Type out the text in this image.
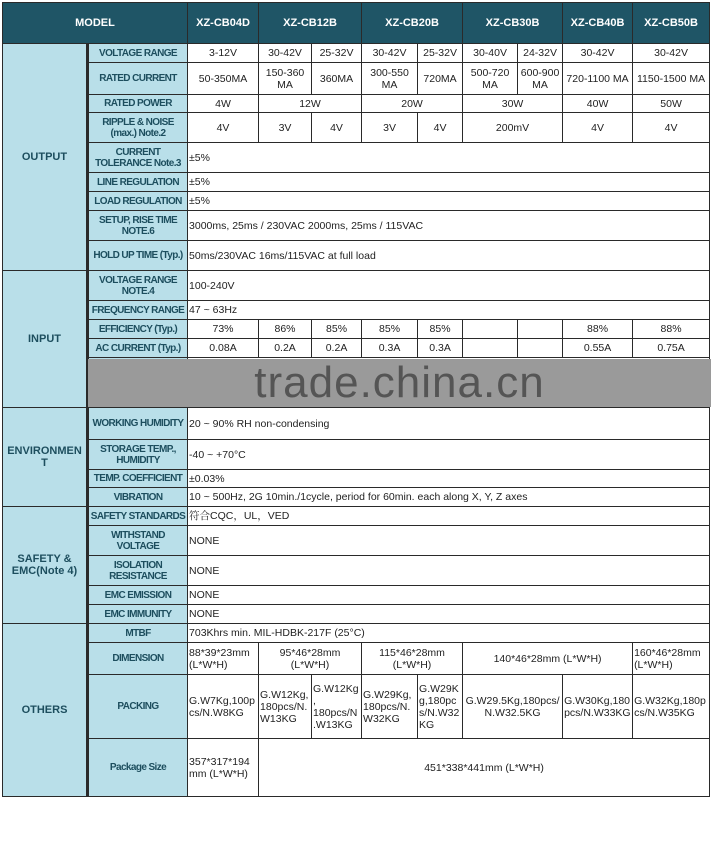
MODEL		XZ-CB04D	XZ-CB12B		XZ-CB20B		XZ-CB30B		XZ-CB40B	XZ-CB50B
OUTPUT	VOLTAGE RANGE	3-12V	30-42V	25-32V	30-42V	25-32V	30-40V	24-32V	30-42V	30-42V
	RATED CURRENT	50-350MA	150-360 MA	360MA	300-550 MA	720MA	500-720 MA	600-900 MA	720-1100 MA	1150-1500 MA
	RATED POWER	4W	12W		20W		30W		40W	50W
	RIPPLE & NOISE (max.) Note.2	4V	3V	4V	3V	4V	200mV		4V	4V
	CURRENT TOLERANCE Note.3	±5%								
	LINE REGULATION	±5%								
	LOAD REGULATION	±5%								
	SETUP, RISE TIME NOTE.6	3000ms, 25ms / 230VAC 2000ms, 25ms / 115VAC								
	HOLD UP TIME (Typ.)	50ms/230VAC 16ms/115VAC at full load								
INPUT	VOLTAGE RANGE NOTE.4	100-240V								
	FREQUENCY RANGE	47 ~ 63Hz								
	EFFICIENCY (Typ.)	73%	86%	85%	85%	85%			88%	88%
	AC CURRENT (Typ.)	0.08A	0.2A	0.2A	0.3A	0.3A			0.55A	0.75A

ENVIRONMENT	WORKING HUMIDITY	20 ~ 90% RH non-condensing								
	STORAGE TEMP., HUMIDITY	-40 ~ +70°C								
	TEMP. COEFFICIENT	±0.03%								
	VIBRATION	10 ~ 500Hz, 2G 10min./1cycle, period for 60min. each along X, Y, Z axes								
SAFETY & EMC(Note 4)	SAFETY STANDARDS	符合CQC，UL，VED								
	WITHSTAND VOLTAGE	NONE								
	ISOLATION RESISTANCE	NONE								
	EMC EMISSION	NONE								
	EMC IMMUNITY	NONE								
OTHERS	MTBF	703Khrs min. MIL-HDBK-217F (25°C)								
	DIMENSION	88*39*23mm (L*W*H)	95*46*28mm (L*W*H)		115*46*28mm (L*W*H)		140*46*28mm (L*W*H)			160*46*28mm (L*W*H)
	PACKING	G.W7Kg,100pcs/N.W8KG	G.W12Kg, 180pcs/N.W13KG	G.W12Kg, 180pcs/N.W13KG	G.W29Kg,180pcs/N.W32KG	G.W29Kg,180pcs/N.W32KG	G.W29.5Kg,180pcs/N.W32.5KG		G.W30Kg,180pcs/N.W33KG	G.W32Kg,180pcs/N.W35KG
	Package Size	357*317*194 mm (L*W*H)	451*338*441mm (L*W*H)							
trade.china.cn
